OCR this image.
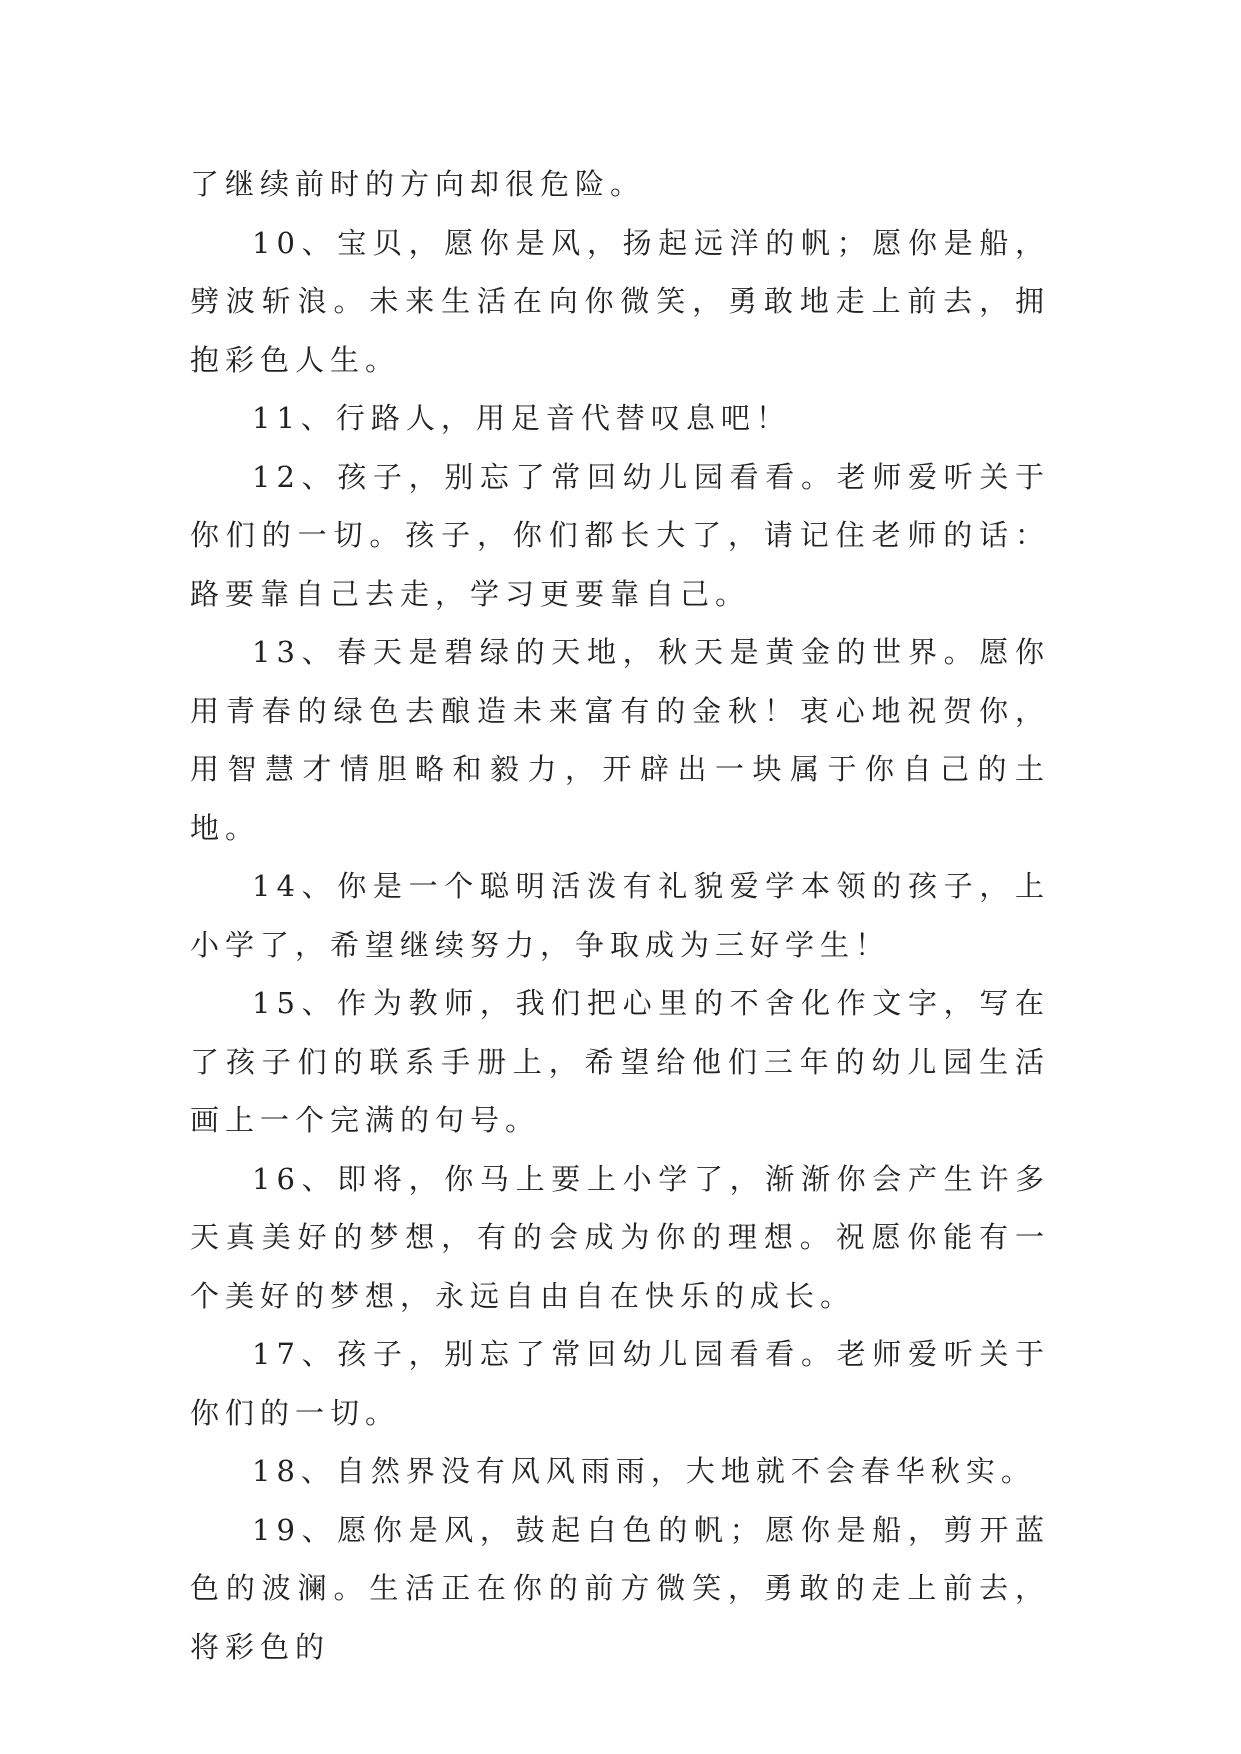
了继续前时的方向却很危险。

10、宝贝，愿你是风，扬起远洋的帆；愿你是船，劈波斩浪。未来生活在向你微笑，勇敢地走上前去，拥抱彩色人生。

11、行路人，用足音代替叹息吧！

12、孩子，别忘了常回幼儿园看看。老师爱听关于你们的一切。孩子，你们都长大了，请记住老师的话：路要靠自己去走，学习更要靠自己。

13、春天是碧绿的天地，秋天是黄金的世界。愿你用青春的绿色去酿造未来富有的金秋！衷心地祝贺你，用智慧才情胆略和毅力，开辟出一块属于你自己的土地。

14、你是一个聪明活泼有礼貌爱学本领的孩子，上小学了，希望继续努力，争取成为三好学生！

15、作为教师，我们把心里的不舍化作文字，写在了孩子们的联系手册上，希望给他们三年的幼儿园生活画上一个完满的句号。

16、即将，你马上要上小学了，渐渐你会产生许多天真美好的梦想，有的会成为你的理想。祝愿你能有一个美好的梦想，永远自由自在快乐的成长。

17、孩子，别忘了常回幼儿园看看。老师爱听关于你们的一切。

18、自然界没有风风雨雨，大地就不会春华秋实。

19、愿你是风，鼓起白色的帆；愿你是船，剪开蓝色的波澜。生活正在你的前方微笑，勇敢的走上前去，将彩色的
